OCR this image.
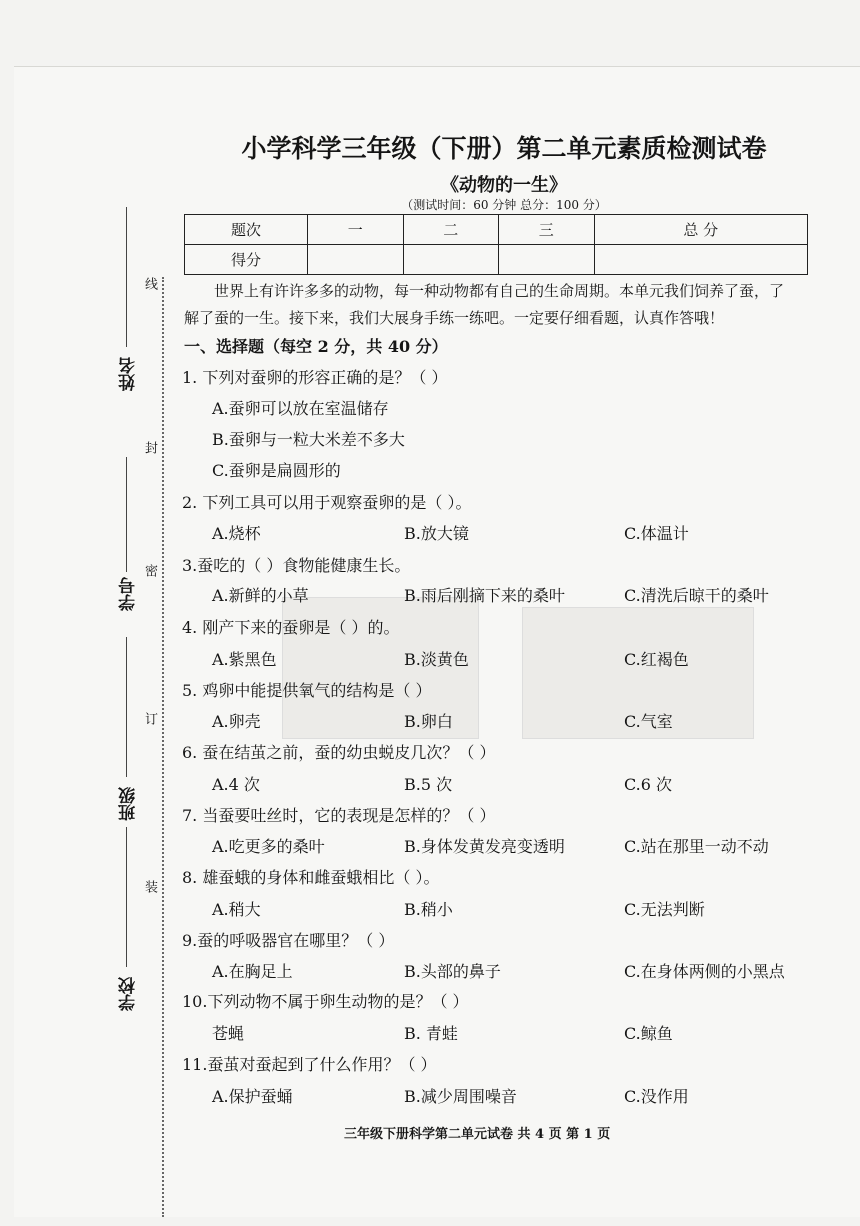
姓名
学号
班级
学校
线
封
密
订
装
小学科学三年级（下册）第二单元素质检测试卷
《动物的一生》
（测试时间：60 分钟 总分：100 分）
题次	一	二	三	总 分
得分				
世界上有许许多多的动物，每一种动物都有自己的生命周期。本单元我们饲养了蚕，了解了蚕的一生。接下来，我们大展身手练一练吧。一定要仔细看题，认真作答哦！
一、选择题（每空 2 分，共 40 分）
1. 下列对蚕卵的形容正确的是？（ ）
A.蚕卵可以放在室温储存
B.蚕卵与一粒大米差不多大
C.蚕卵是扁圆形的
2. 下列工具可以用于观察蚕卵的是（ ）。
A.烧杯	B.放大镜	C.体温计
3.蚕吃的（ ）食物能健康生长。
A.新鲜的小草	B.雨后刚摘下来的桑叶	C.清洗后晾干的桑叶
4. 刚产下来的蚕卵是（ ）的。
A.紫黑色	B.淡黄色	C.红褐色
5. 鸡卵中能提供氧气的结构是（ ）
A.卵壳	B.卵白	C.气室
6. 蚕在结茧之前，蚕的幼虫蜕皮几次？（ ）
A.4 次	B.5 次	C.6 次
7. 当蚕要吐丝时，它的表现是怎样的？（ ）
A.吃更多的桑叶	B.身体发黄发亮变透明	C.站在那里一动不动
8. 雄蚕蛾的身体和雌蚕蛾相比（ ）。
A.稍大	B.稍小	C.无法判断
9.蚕的呼吸器官在哪里？（ ）
A.在胸足上	B.头部的鼻子	C.在身体两侧的小黑点
10.下列动物不属于卵生动物的是？（ ）
苍蝇	B. 青蛙	C.鲸鱼
11.蚕茧对蚕起到了什么作用？（ ）
A.保护蚕蛹	B.减少周围噪音	C.没作用
三年级下册科学第二单元试卷 共 4 页 第 1 页
